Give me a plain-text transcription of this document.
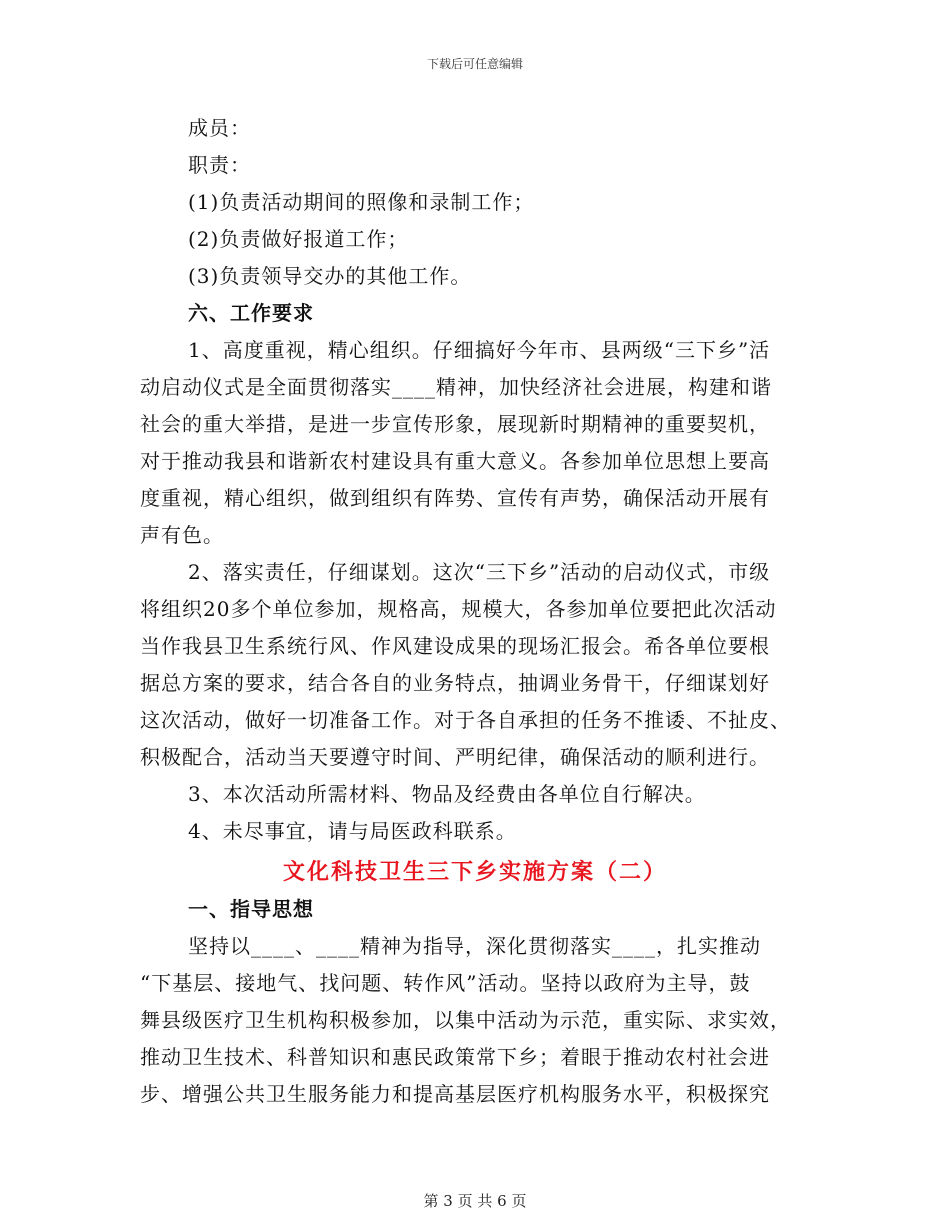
下载后可任意编辑
成员：
职责：
(1)负责活动期间的照像和录制工作；
(2)负责做好报道工作；
(3)负责领导交办的其他工作。
六、工作要求
1、高度重视，精心组织。仔细搞好今年市、县两级“三下乡”活
动启动仪式是全面贯彻落实____精神，加快经济社会进展，构建和谐
社会的重大举措，是进一步宣传形象，展现新时期精神的重要契机，
对于推动我县和谐新农村建设具有重大意义。各参加单位思想上要高
度重视，精心组织，做到组织有阵势、宣传有声势，确保活动开展有
声有色。
2、落实责任，仔细谋划。这次“三下乡”活动的启动仪式，市级
将组织20多个单位参加，规格高，规模大，各参加单位要把此次活动
当作我县卫生系统行风、作风建设成果的现场汇报会。希各单位要根
据总方案的要求，结合各自的业务特点，抽调业务骨干，仔细谋划好
这次活动，做好一切准备工作。对于各自承担的任务不推诿、不扯皮、
积极配合，活动当天要遵守时间、严明纪律，确保活动的顺利进行。
3、本次活动所需材料、物品及经费由各单位自行解决。
4、未尽事宜，请与局医政科联系。
文化科技卫生三下乡实施方案（二）
一、指导思想
坚持以____、____精神为指导，深化贯彻落实____，扎实推动
“下基层、接地气、找问题、转作风”活动。坚持以政府为主导，鼓
舞县级医疗卫生机构积极参加，以集中活动为示范，重实际、求实效，
推动卫生技术、科普知识和惠民政策常下乡；着眼于推动农村社会进
步、增强公共卫生服务能力和提高基层医疗机构服务水平，积极探究
第 3 页 共 6 页
